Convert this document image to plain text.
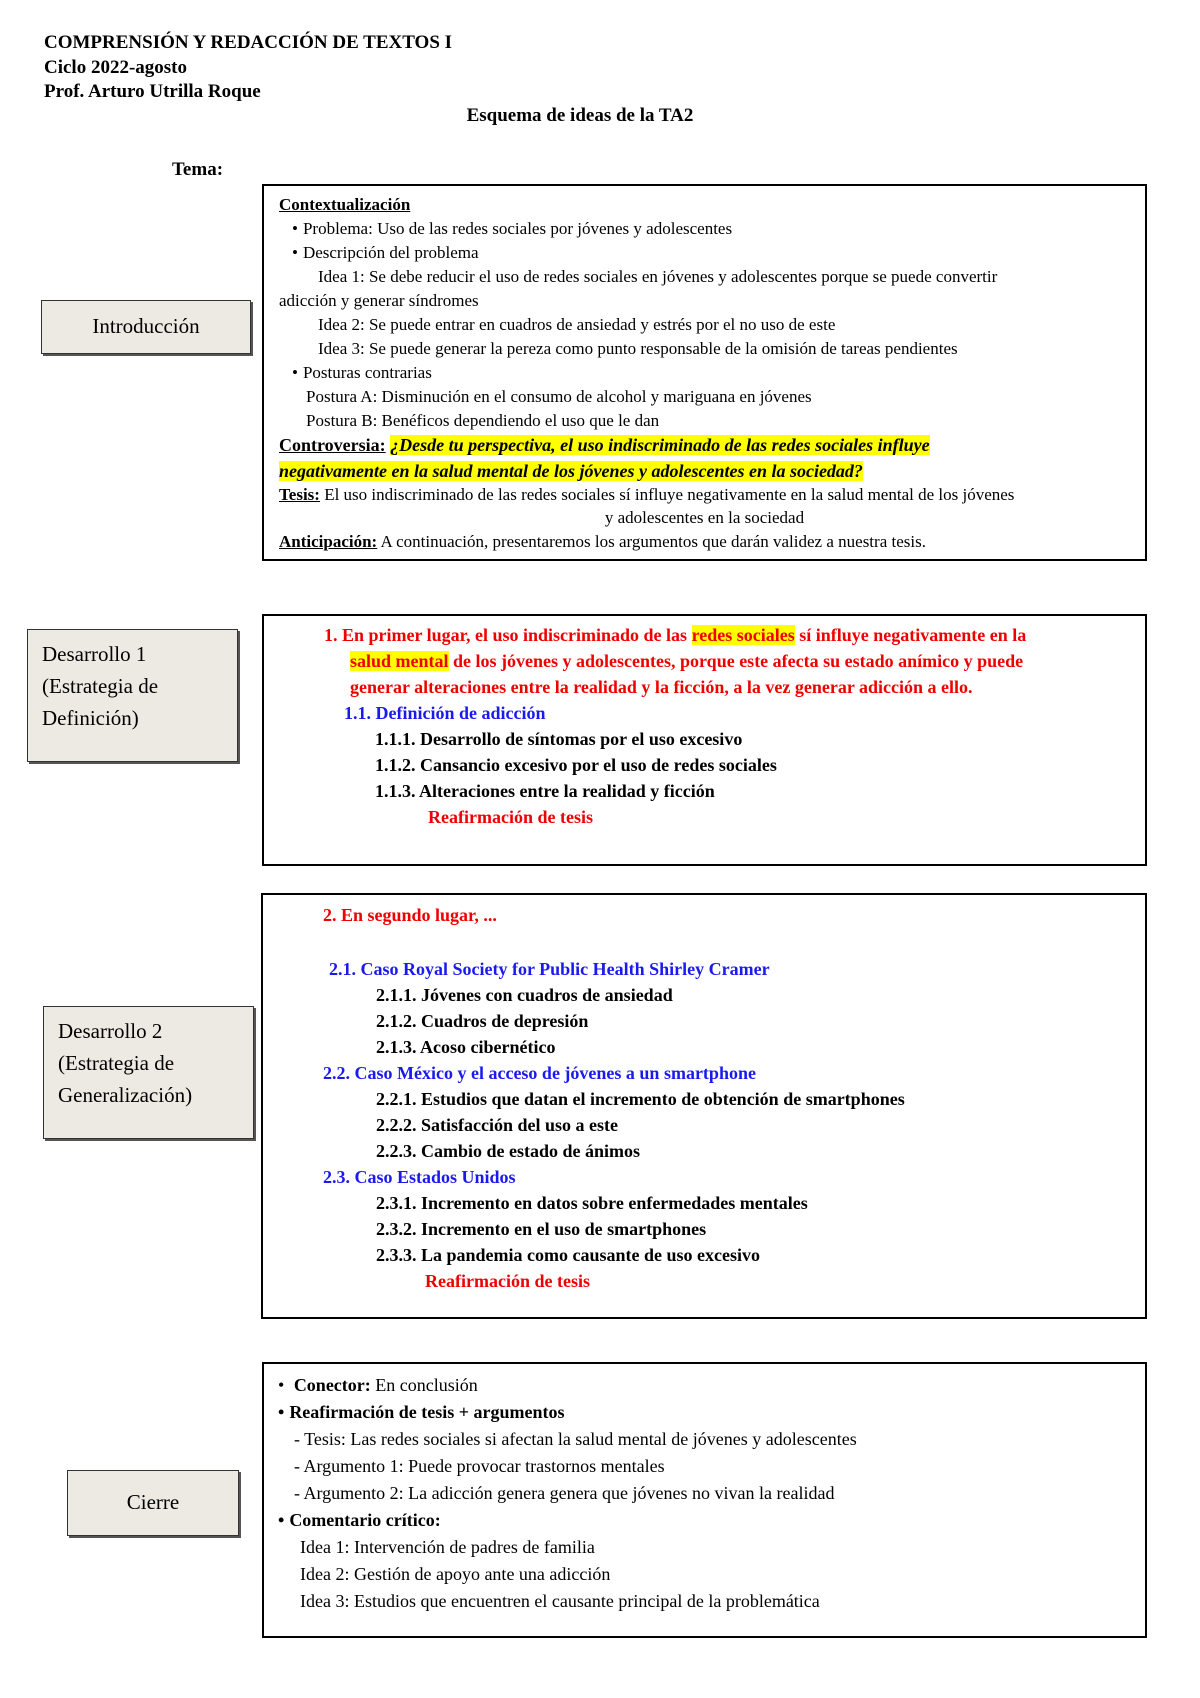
COMPRENSIÓN Y REDACCIÓN DE TEXTOS I
Ciclo 2022-agosto
Prof. Arturo Utrilla Roque
Esquema de ideas de la TA2
Tema:
Introducción
Contextualización
• Problema: Uso de las redes sociales por jóvenes y adolescentes
• Descripción del problema
Idea 1: Se debe reducir el uso de redes sociales en jóvenes y adolescentes porque se puede convertir
adicción y generar síndromes
Idea 2: Se puede entrar en cuadros de ansiedad y estrés por el no uso de este
Idea 3: Se puede generar la pereza como punto responsable de la omisión de tareas pendientes
• Posturas contrarias
Postura A: Disminución en el consumo de alcohol y mariguana en jóvenes
Postura B: Benéficos dependiendo el uso que le dan
Controversia: ¿Desde tu perspectiva, el uso indiscriminado de las redes sociales influye
negativamente en la salud mental de los jóvenes y adolescentes en la sociedad?
Tesis: El uso indiscriminado de las redes sociales sí influye negativamente en la salud mental de los jóvenes
y adolescentes en la sociedad
Anticipación: A continuación, presentaremos los argumentos que darán validez a nuestra tesis.
Desarrollo 1
(Estrategia de
Definición)
1. En primer lugar, el uso indiscriminado de las redes sociales sí influye negativamente en la
salud mental de los jóvenes y adolescentes, porque este afecta su estado anímico y puede
generar alteraciones entre la realidad y la ficción, a la vez generar adicción a ello.
1.1. Definición de adicción
1.1.1. Desarrollo de síntomas por el uso excesivo
1.1.2. Cansancio excesivo por el uso de redes sociales
1.1.3. Alteraciones entre la realidad y ficción
Reafirmación de tesis
Desarrollo 2
(Estrategia de
Generalización)
2. En segundo lugar, ...
2.1. Caso Royal Society for Public Health Shirley Cramer
2.1.1. Jóvenes con cuadros de ansiedad
2.1.2. Cuadros de depresión
2.1.3. Acoso cibernético
2.2. Caso México y el acceso de jóvenes a un smartphone
2.2.1. Estudios que datan el incremento de obtención de smartphones
2.2.2. Satisfacción del uso a este
2.2.3. Cambio de estado de ánimos
2.3. Caso Estados Unidos
2.3.1. Incremento en datos sobre enfermedades mentales
2.3.2. Incremento en el uso de smartphones
2.3.3. La pandemia como causante de uso excesivo
Reafirmación de tesis
Cierre
• Conector: En conclusión
• Reafirmación de tesis + argumentos
- Tesis: Las redes sociales si afectan la salud mental de jóvenes y adolescentes
- Argumento 1: Puede provocar trastornos mentales
- Argumento 2: La adicción genera genera que jóvenes no vivan la realidad
• Comentario crítico:
Idea 1: Intervención de padres de familia
Idea 2: Gestión de apoyo ante una adicción
Idea 3: Estudios que encuentren el causante principal de la problemática
